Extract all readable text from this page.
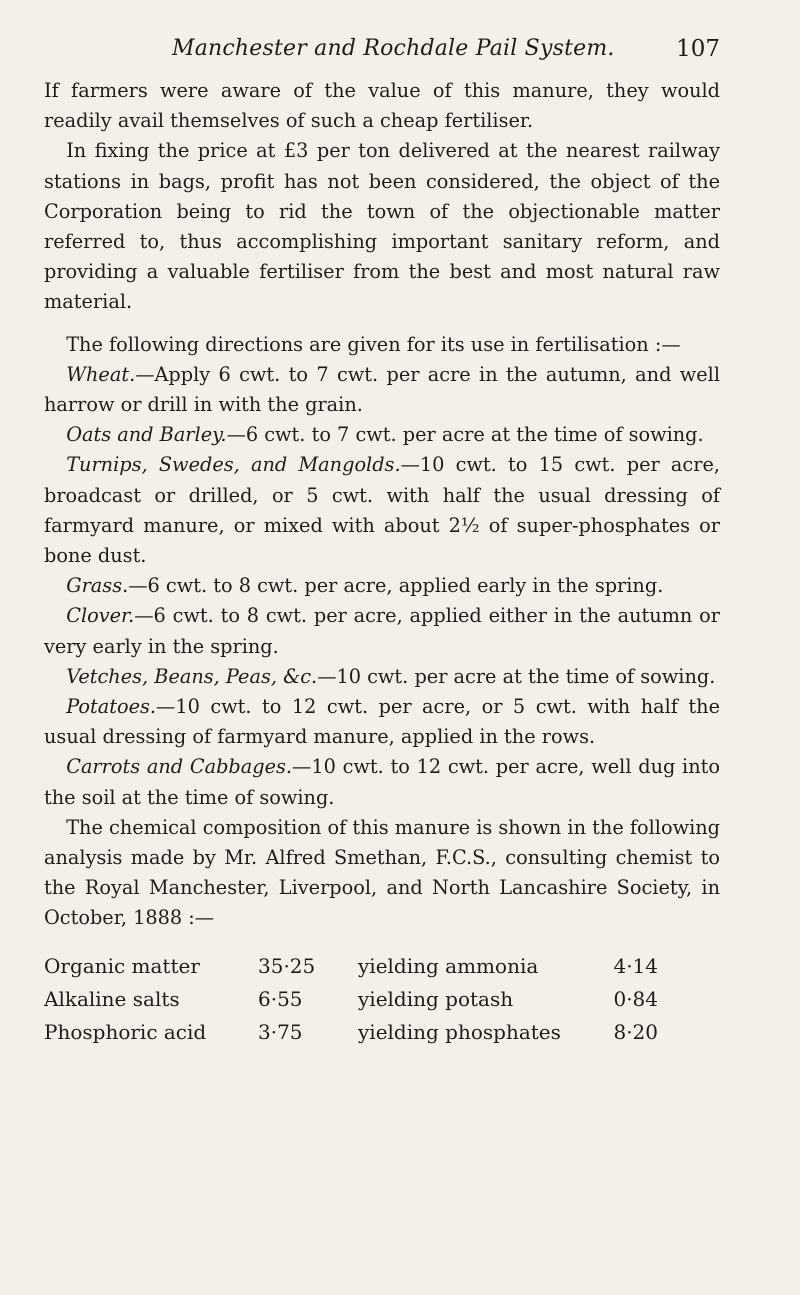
Manchester and Rochdale Pail System.	107

If farmers were aware of the value of this manure, they would readily avail themselves of such a cheap fertiliser.

In fixing the price at £3 per ton delivered at the nearest railway stations in bags, profit has not been considered, the object of the Corporation being to rid the town of the objectionable matter referred to, thus accomplishing important sanitary reform, and providing a valuable fertiliser from the best and most natural raw material.

The following directions are given for its use in fertilisation :—

Wheat.—Apply 6 cwt. to 7 cwt. per acre in the autumn, and well harrow or drill in with the grain.

Oats and Barley.—6 cwt. to 7 cwt. per acre at the time of sowing.

Turnips, Swedes, and Mangolds.—10 cwt. to 15 cwt. per acre, broadcast or drilled, or 5 cwt. with half the usual dressing of farmyard manure, or mixed with about 2½ of super-phosphates or bone dust.

Grass.—6 cwt. to 8 cwt. per acre, applied early in the spring.

Clover.—6 cwt. to 8 cwt. per acre, applied either in the autumn or very early in the spring.

Vetches, Beans, Peas, &c.—10 cwt. per acre at the time of sowing.

Potatoes.—10 cwt. to 12 cwt. per acre, or 5 cwt. with half the usual dressing of farmyard manure, applied in the rows.

Carrots and Cabbages.—10 cwt. to 12 cwt. per acre, well dug into the soil at the time of sowing.

The chemical composition of this manure is shown in the following analysis made by Mr. Alfred Smethan, F.C.S., consulting chemist to the Royal Manchester, Liverpool, and North Lancashire Society, in October, 1888 :—

Organic matter	35·25	yielding ammonia	4·14
Alkaline salts	6·55	yielding potash	0·84
Phosphoric acid	3·75	yielding phosphates	8·20
